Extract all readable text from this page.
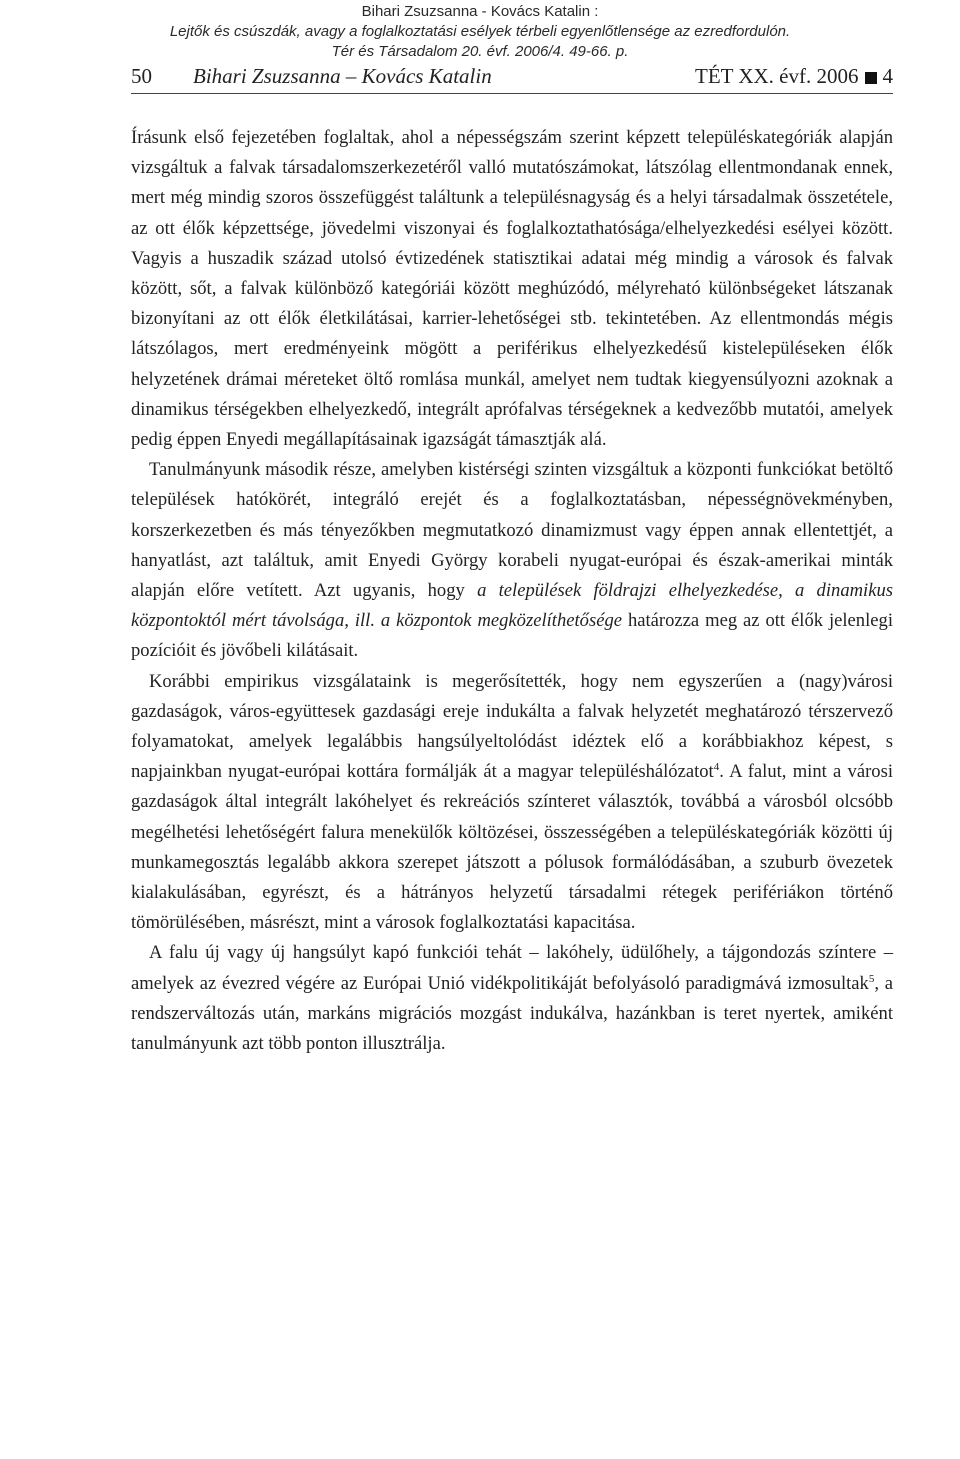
Bihari Zsuzsanna - Kovács Katalin :
Lejtők és csúszdák, avagy a foglalkoztatási esélyek térbeli egyenlőtlensége az ezredfordulón.
Tér és Társadalom 20. évf. 2006/4. 49-66. p.
50 Bihari Zsuzsanna – Kovács Katalin	TÉT XX. évf. 2006 4

Írásunk első fejezetében foglaltak, ahol a népességszám szerint képzett településkategóriák alapján vizsgáltuk a falvak társadalomszerkezetéről valló mutatószámokat, látszólag ellentmondanak ennek, mert még mindig szoros összefüggést találtunk a településnagyság és a helyi társadalmak összetétele, az ott élők képzettsége, jövedelmi viszonyai és foglalkoztathatósága/elhelyezkedési esélyei között. Vagyis a huszadik század utolsó évtizedének statisztikai adatai még mindig a városok és falvak között, sőt, a falvak különböző kategóriái között meghúzódó, mélyreható különbségeket látszanak bizonyítani az ott élők életkilátásai, karrier-lehetőségei stb. tekintetében. Az ellentmondás mégis látszólagos, mert eredményeink mögött a periférikus elhelyezkedésű kistelepüléseken élők helyzetének drámai méreteket öltő romlása munkál, amelyet nem tudtak kiegyensúlyozni azoknak a dinamikus térségekben elhelyezkedő, integrált aprófalvas térségeknek a kedvezőbb mutatói, amelyek pedig éppen Enyedi megállapításainak igazságát támasztják alá.

Tanulmányunk második része, amelyben kistérségi szinten vizsgáltuk a központi funkciókat betöltő települések hatókörét, integráló erejét és a foglalkoztatásban, népességnövekményben, korszerkezetben és más tényezőkben megmutatkozó dinamizmust vagy éppen annak ellentettjét, a hanyatlást, azt találtuk, amit Enyedi György korabeli nyugat-európai és észak-amerikai minták alapján előre vetített. Azt ugyanis, hogy a települések földrajzi elhelyezkedése, a dinamikus központoktól mért távolsága, ill. a központok megközelíthetősége határozza meg az ott élők jelenlegi pozícióit és jövőbeli kilátásait.

Korábbi empirikus vizsgálataink is megerősítették, hogy nem egyszerűen a (nagy)városi gazdaságok, város-együttesek gazdasági ereje indukálta a falvak helyzetét meghatározó térszervező folyamatokat, amelyek legalábbis hangsúlyeltolódást idéztek elő a korábbiakhoz képest, s napjainkban nyugat-európai kottára formálják át a magyar településhálózatot$^4$. A falut, mint a városi gazdaságok által integrált lakóhelyet és rekreációs színteret választók, továbbá a városból olcsóbb megélhetési lehetőségért falura menekülők költözései, összességében a településkategóriák közötti új munkamegosztás legalább akkora szerepet játszott a pólusok formálódásában, a szuburb övezetek kialakulásában, egyrészt, és a hátrányos helyzetű társadalmi rétegek perifériákon történő tömörülésében, másrészt, mint a városok foglalkoztatási kapacitása.

A falu új vagy új hangsúlyt kapó funkciói tehát – lakóhely, üdülőhely, a tájgondozás színtere – amelyek az évezred végére az Európai Unió vidékpolitikáját befolyásoló paradigmává izmosultak$^5$, a rendszerváltozás után, markáns migrációs mozgást indukálva, hazánkban is teret nyertek, amiként tanulmányunk azt több ponton illusztrálja.
